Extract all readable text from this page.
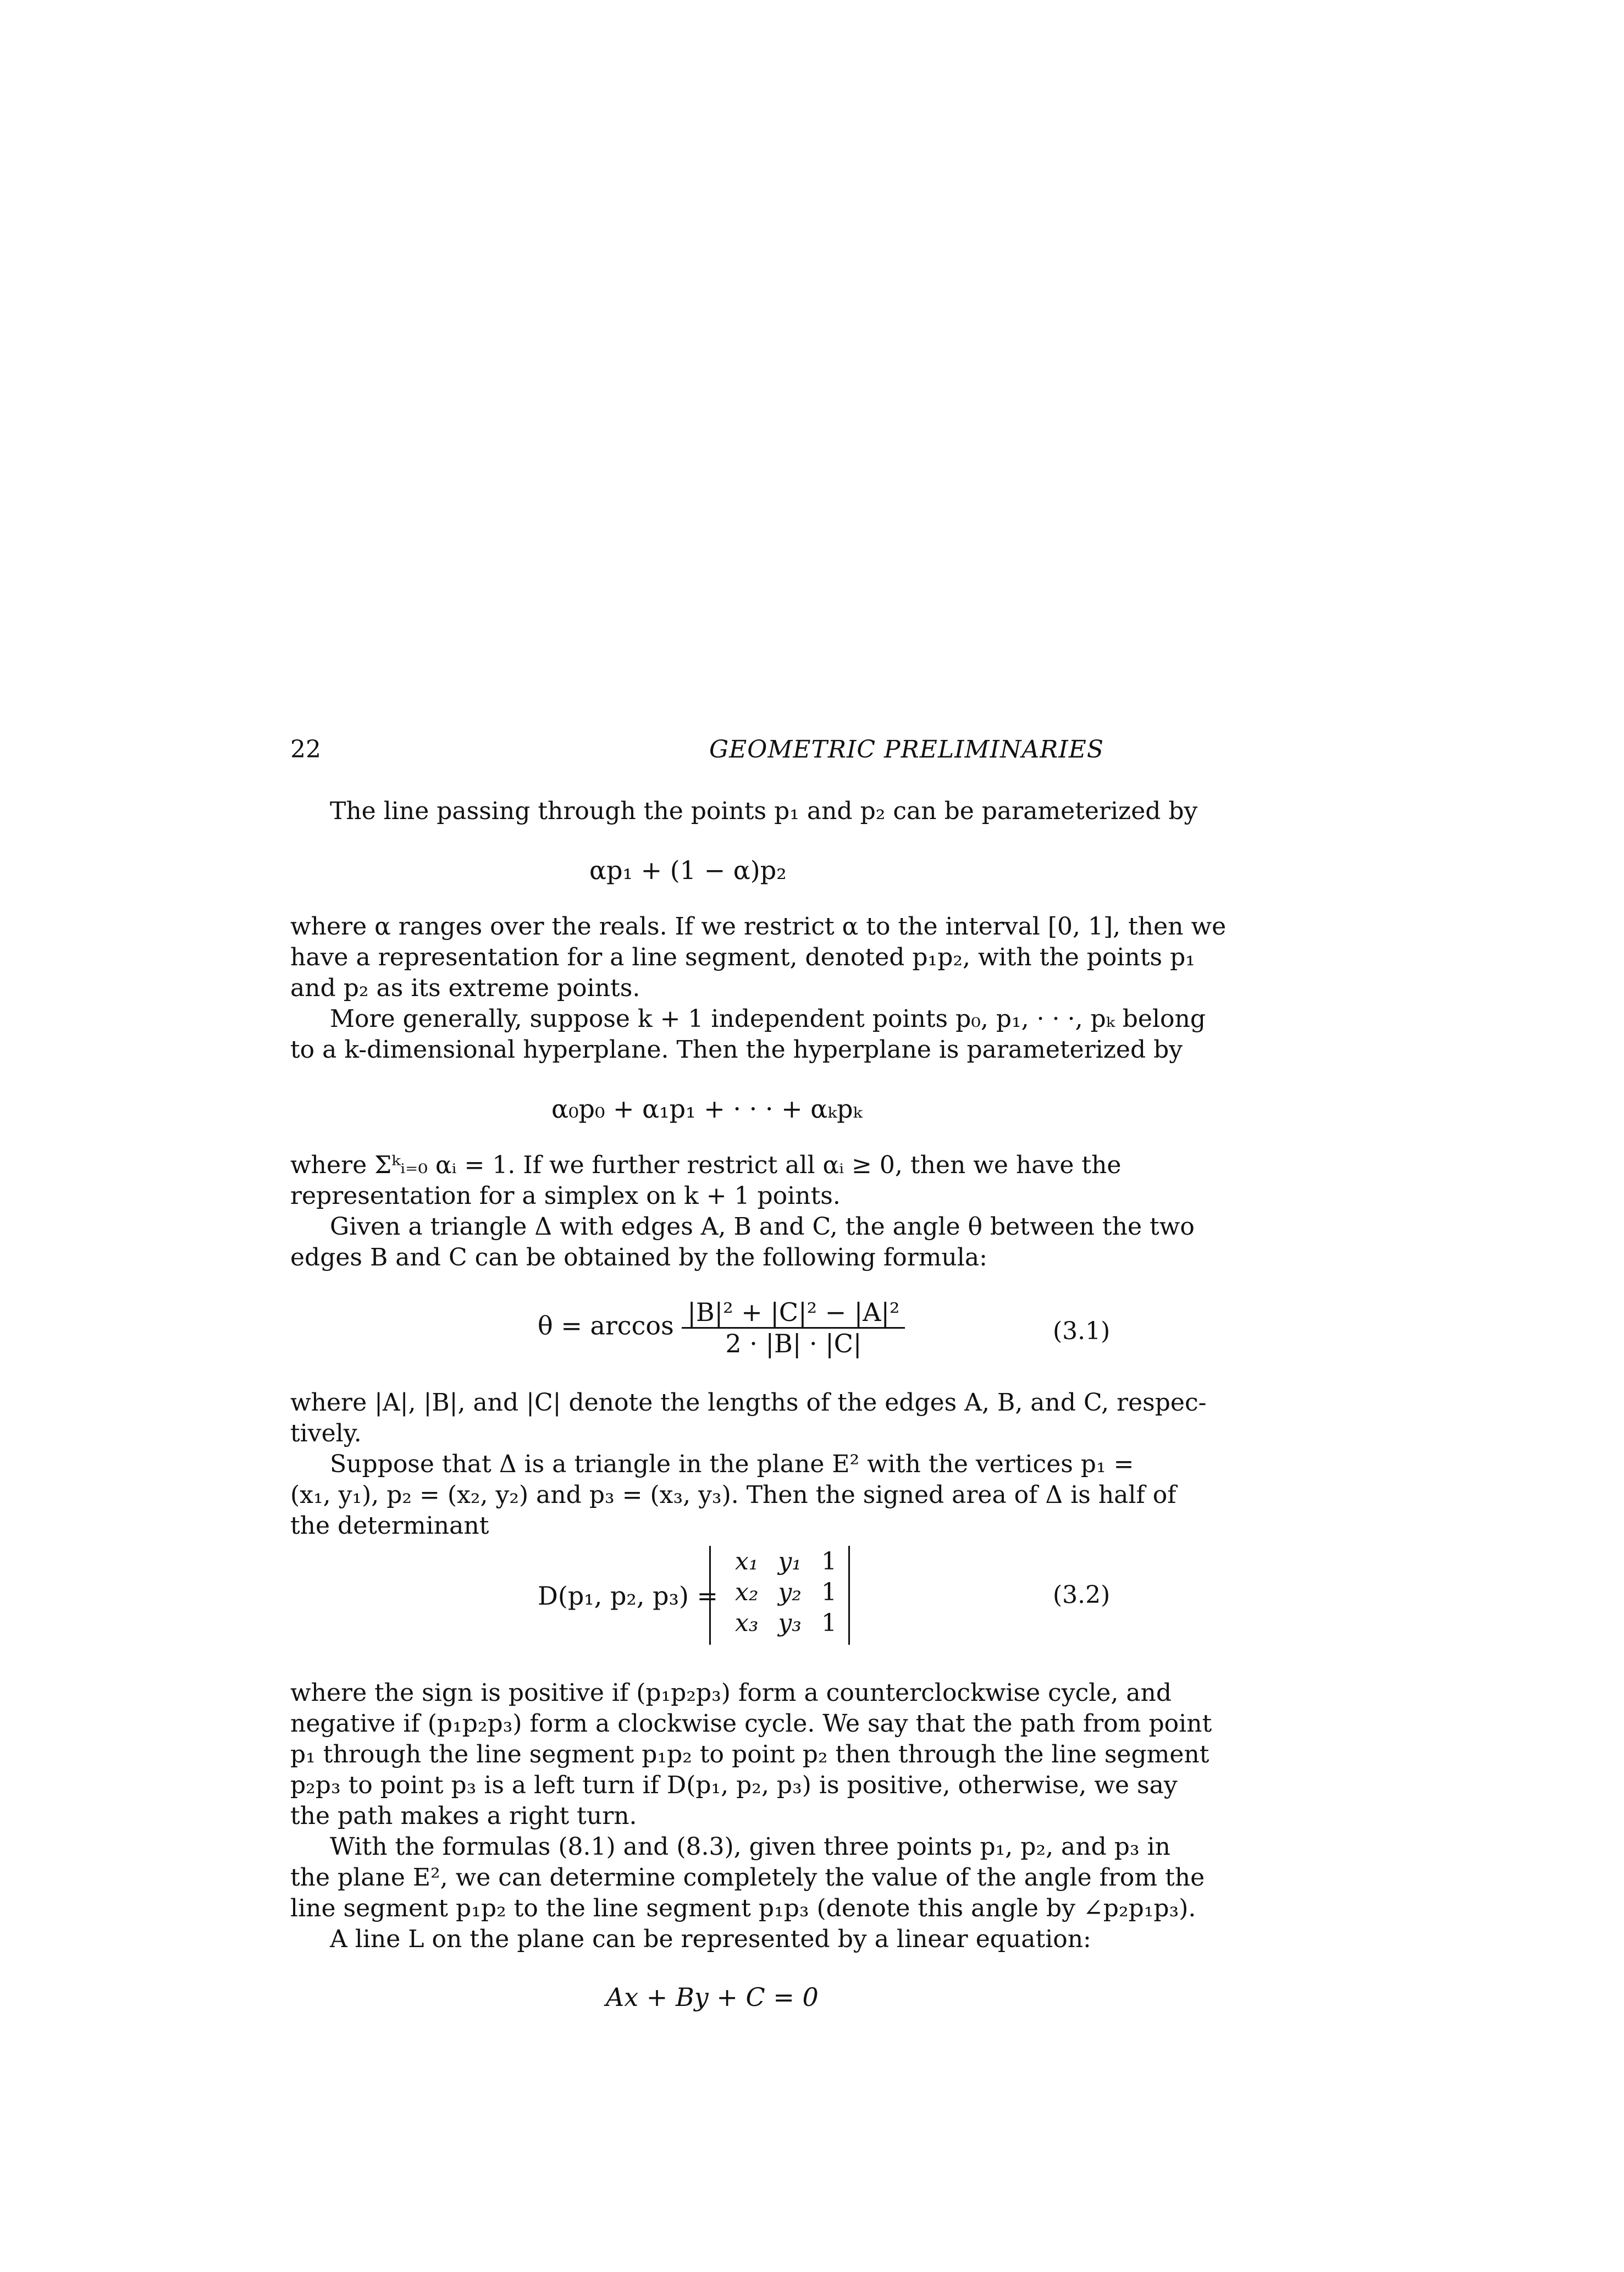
22	GEOMETRIC PRELIMINARIES
The line passing through the points p₁ and p₂ can be parameterized by
αp₁ + (1 − α)p₂
where α ranges over the reals. If we restrict α to the interval [0, 1], then we
have a representation for a line segment, denoted p₁p₂, with the points p₁
and p₂ as its extreme points.
More generally, suppose k + 1 independent points p₀, p₁, · · ·, pₖ belong
to a k-dimensional hyperplane. Then the hyperplane is parameterized by
α₀p₀ + α₁p₁ + · · · + αₖpₖ
where Σᵏᵢ₌₀ αᵢ = 1. If we further restrict all αᵢ ≥ 0, then we have the
representation for a simplex on k + 1 points.
Given a triangle Δ with edges A, B and C, the angle θ between the two
edges B and C can be obtained by the following formula:
$\theta = \arccos \frac{\text{|B|² + |C|² − |A|²}}{2 \cdot |B| \cdot |C|}$	(3.1)
where |A|, |B|, and |C| denote the lengths of the edges A, B, and C, respec-
tively.
Suppose that Δ is a triangle in the plane E² with the vertices p₁ =
(x₁, y₁), p₂ = (x₂, y₂) and p₃ = (x₃, y₃). Then the signed area of Δ is half of
the determinant
D(p₁, p₂, p₃) =
x₁	y₁	1
x₂	y₂	1
x₃	y₃	1
(3.2)
where the sign is positive if (p₁p₂p₃) form a counterclockwise cycle, and
negative if (p₁p₂p₃) form a clockwise cycle. We say that the path from point
p₁ through the line segment p₁p₂ to point p₂ then through the line segment
p₂p₃ to point p₃ is a left turn if D(p₁, p₂, p₃) is positive, otherwise, we say
the path makes a right turn.
With the formulas (8.1) and (8.3), given three points p₁, p₂, and p₃ in
the plane E², we can determine completely the value of the angle from the
line segment p₁p₂ to the line segment p₁p₃ (denote this angle by ∠p₂p₁p₃).
A line L on the plane can be represented by a linear equation:
Ax + By + C = 0
